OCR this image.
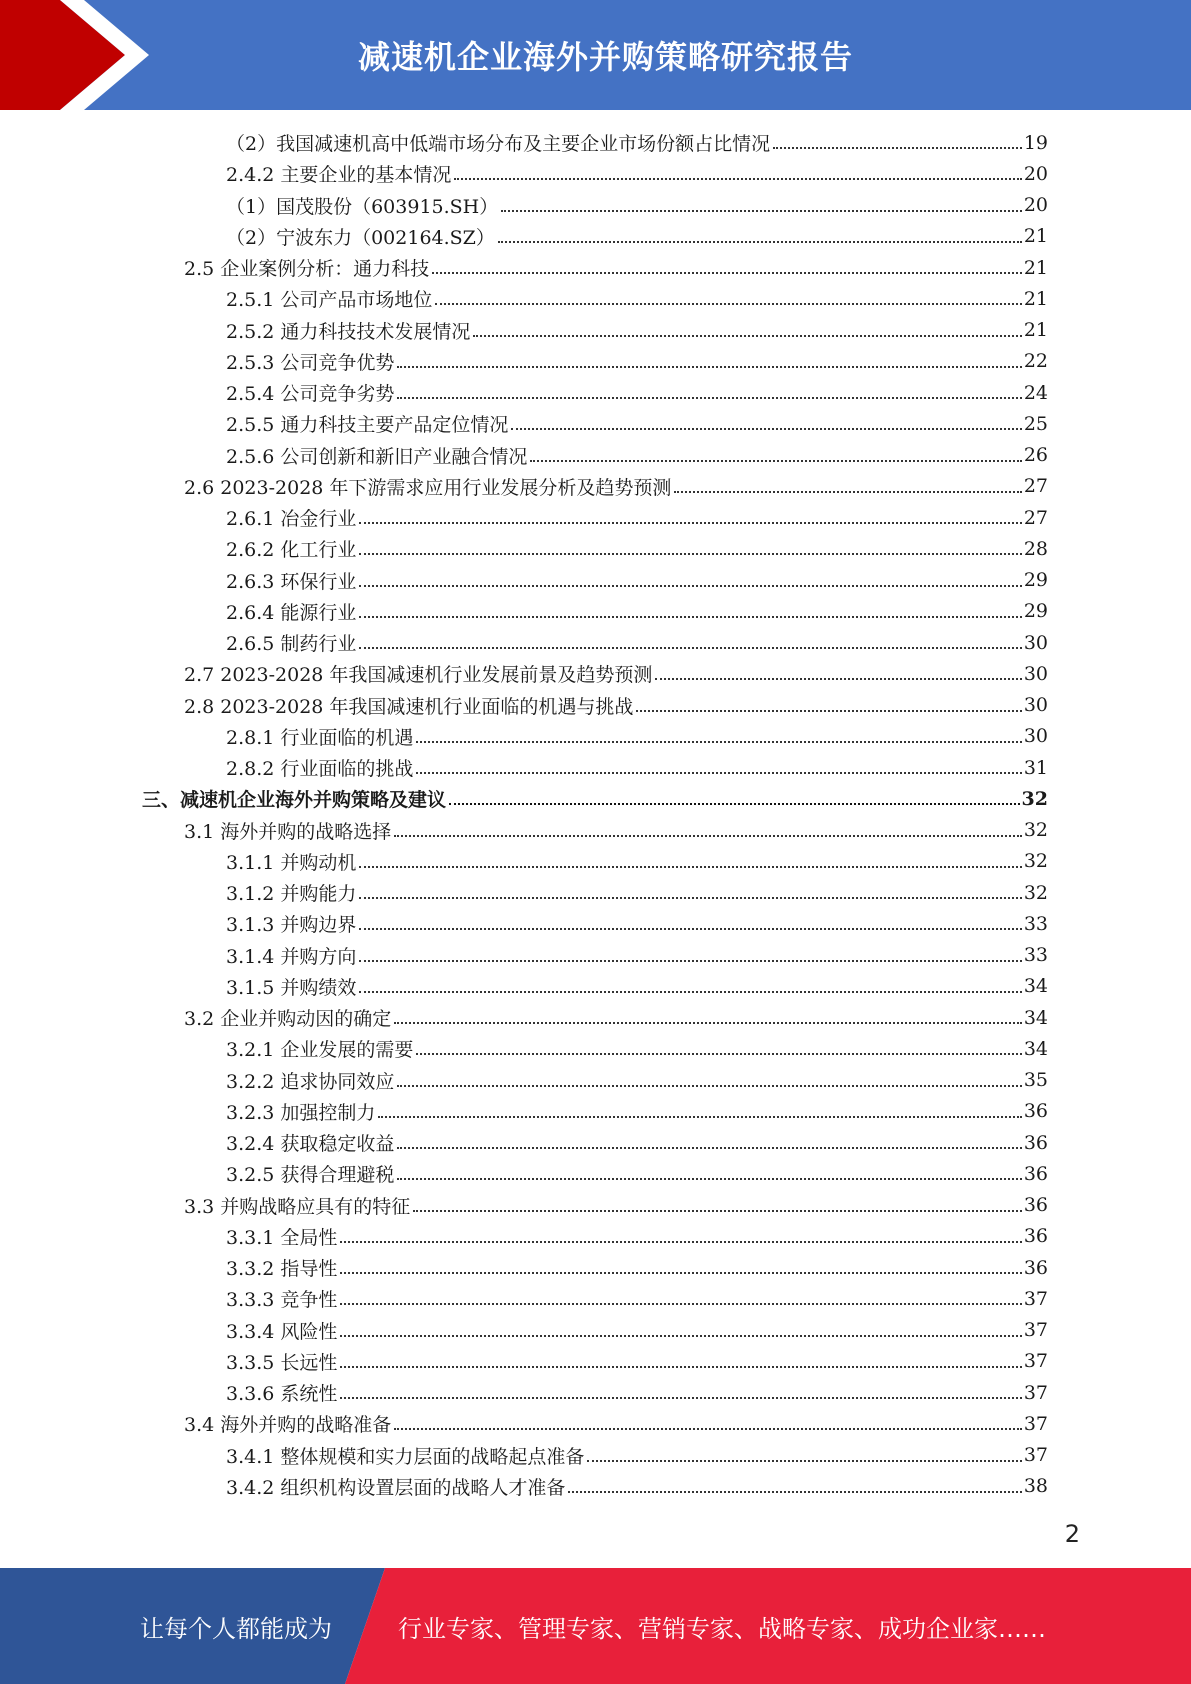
减速机企业海外并购策略研究报告
（2）我国减速机高中低端市场分布及主要企业市场份额占比情况	19
2.4.2 主要企业的基本情况	20
（1）国茂股份（603915.SH）	20
（2）宁波东力（002164.SZ）	21
2.5 企业案例分析：通力科技	21
2.5.1 公司产品市场地位	21
2.5.2 通力科技技术发展情况	21
2.5.3 公司竞争优势	22
2.5.4 公司竞争劣势	24
2.5.5 通力科技主要产品定位情况	25
2.5.6 公司创新和新旧产业融合情况	26
2.6 2023-2028 年下游需求应用行业发展分析及趋势预测	27
2.6.1 冶金行业	27
2.6.2 化工行业	28
2.6.3 环保行业	29
2.6.4 能源行业	29
2.6.5 制药行业	30
2.7 2023-2028 年我国减速机行业发展前景及趋势预测	30
2.8 2023-2028 年我国减速机行业面临的机遇与挑战	30
2.8.1 行业面临的机遇	30
2.8.2 行业面临的挑战	31
三、减速机企业海外并购策略及建议	32
3.1 海外并购的战略选择	32
3.1.1 并购动机	32
3.1.2 并购能力	32
3.1.3 并购边界	33
3.1.4 并购方向	33
3.1.5 并购绩效	34
3.2 企业并购动因的确定	34
3.2.1 企业发展的需要	34
3.2.2 追求协同效应	35
3.2.3 加强控制力	36
3.2.4 获取稳定收益	36
3.2.5 获得合理避税	36
3.3 并购战略应具有的特征	36
3.3.1 全局性	36
3.3.2 指导性	36
3.3.3 竞争性	37
3.3.4 风险性	37
3.3.5 长远性	37
3.3.6 系统性	37
3.4 海外并购的战略准备	37
3.4.1 整体规模和实力层面的战略起点准备	37
3.4.2 组织机构设置层面的战略人才准备	38
2
让每个人都能成为	行业专家、管理专家、营销专家、战略专家、成功企业家……
